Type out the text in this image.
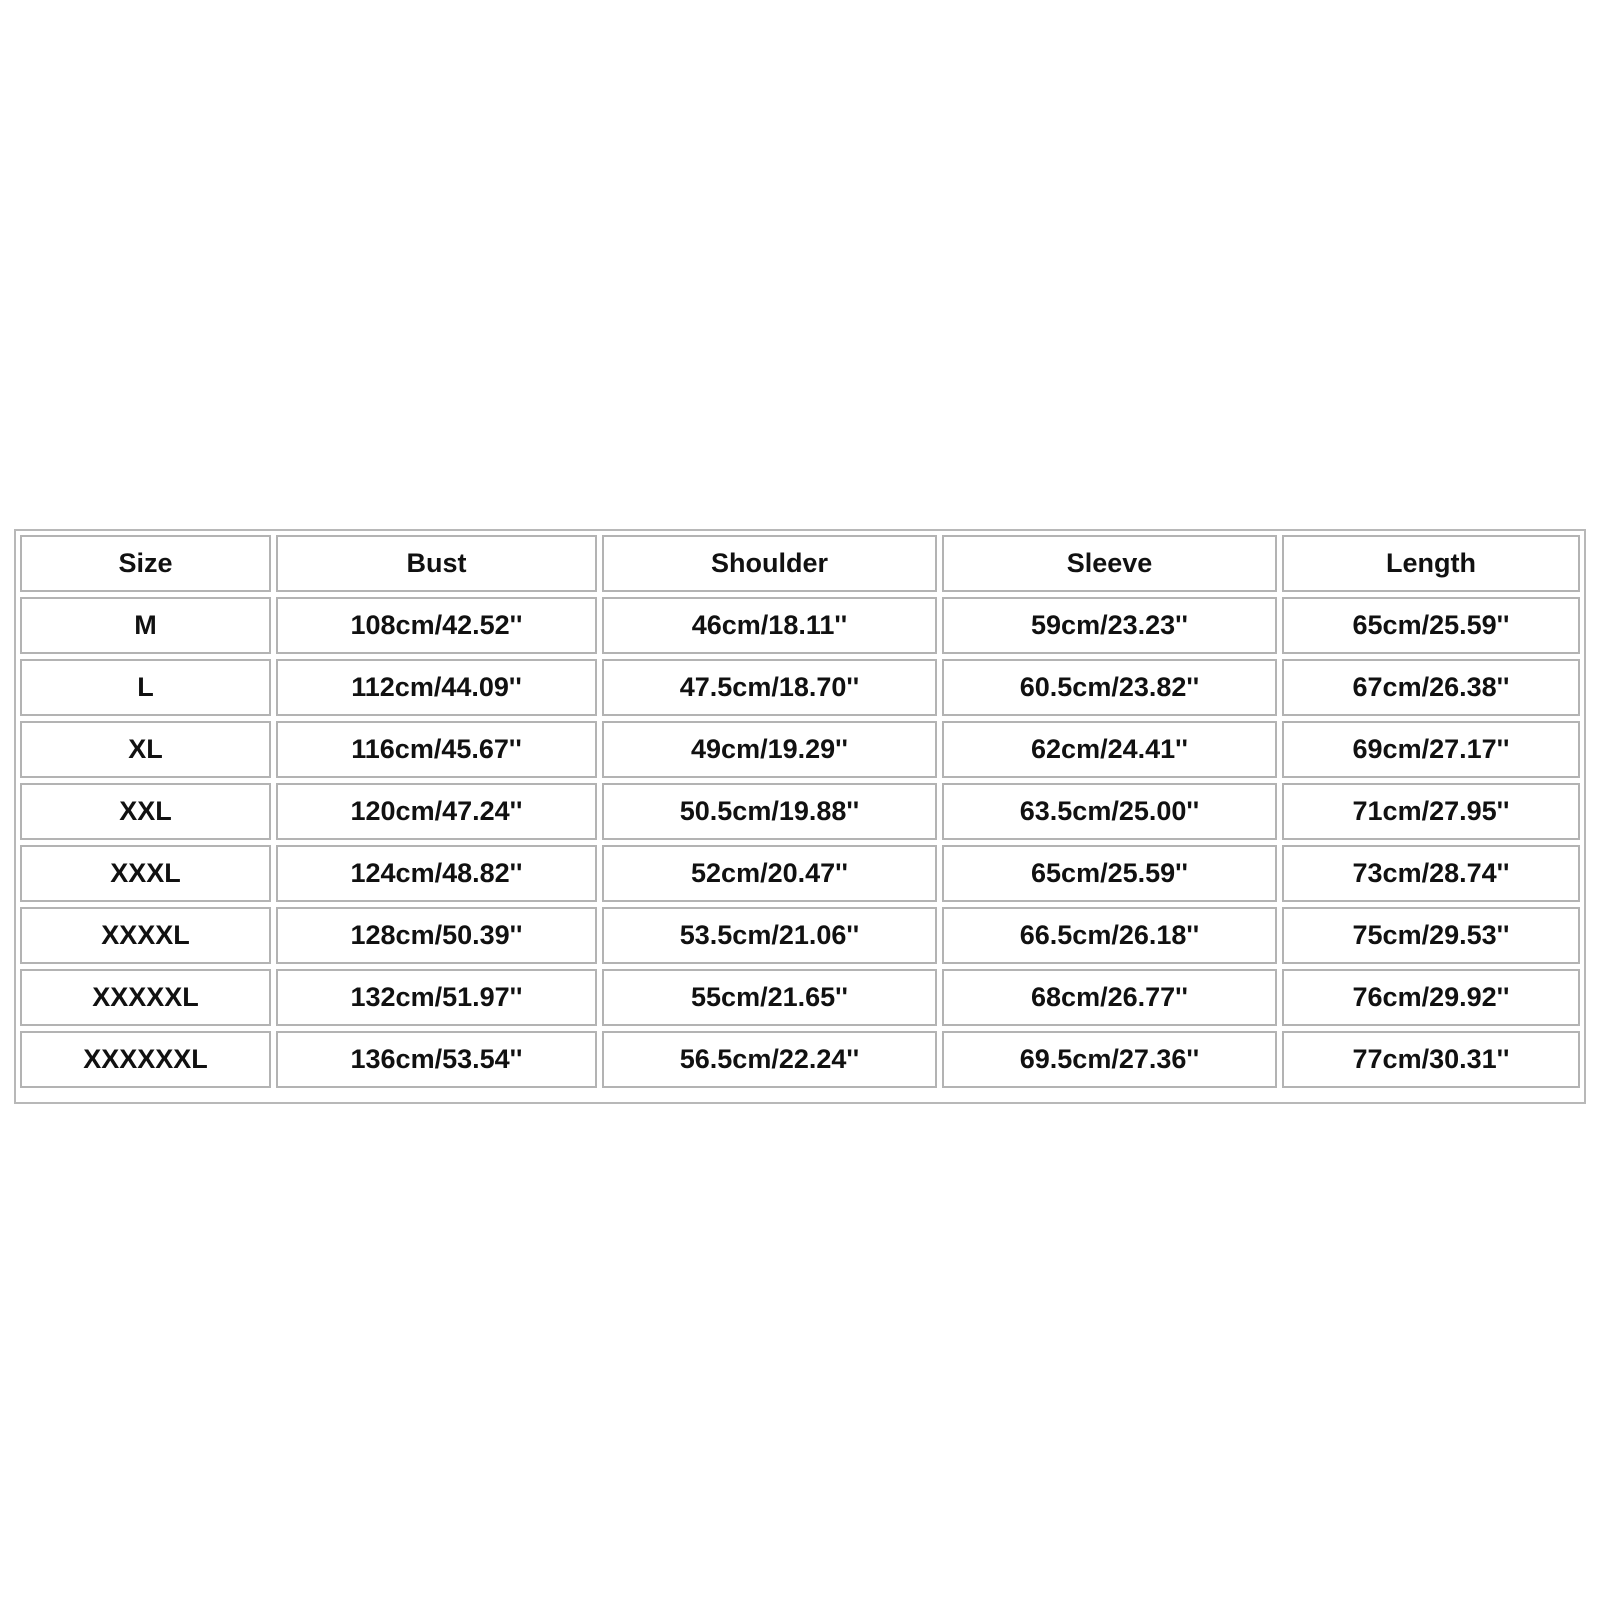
Size	Bust	Shoulder	Sleeve	Length
M	108cm/42.52''	46cm/18.11''	59cm/23.23''	65cm/25.59''
L	112cm/44.09''	47.5cm/18.70''	60.5cm/23.82''	67cm/26.38''
XL	116cm/45.67''	49cm/19.29''	62cm/24.41''	69cm/27.17''
XXL	120cm/47.24''	50.5cm/19.88''	63.5cm/25.00''	71cm/27.95''
XXXL	124cm/48.82''	52cm/20.47''	65cm/25.59''	73cm/28.74''
XXXXL	128cm/50.39''	53.5cm/21.06''	66.5cm/26.18''	75cm/29.53''
XXXXXL	132cm/51.97''	55cm/21.65''	68cm/26.77''	76cm/29.92''
XXXXXXL	136cm/53.54''	56.5cm/22.24''	69.5cm/27.36''	77cm/30.31''
